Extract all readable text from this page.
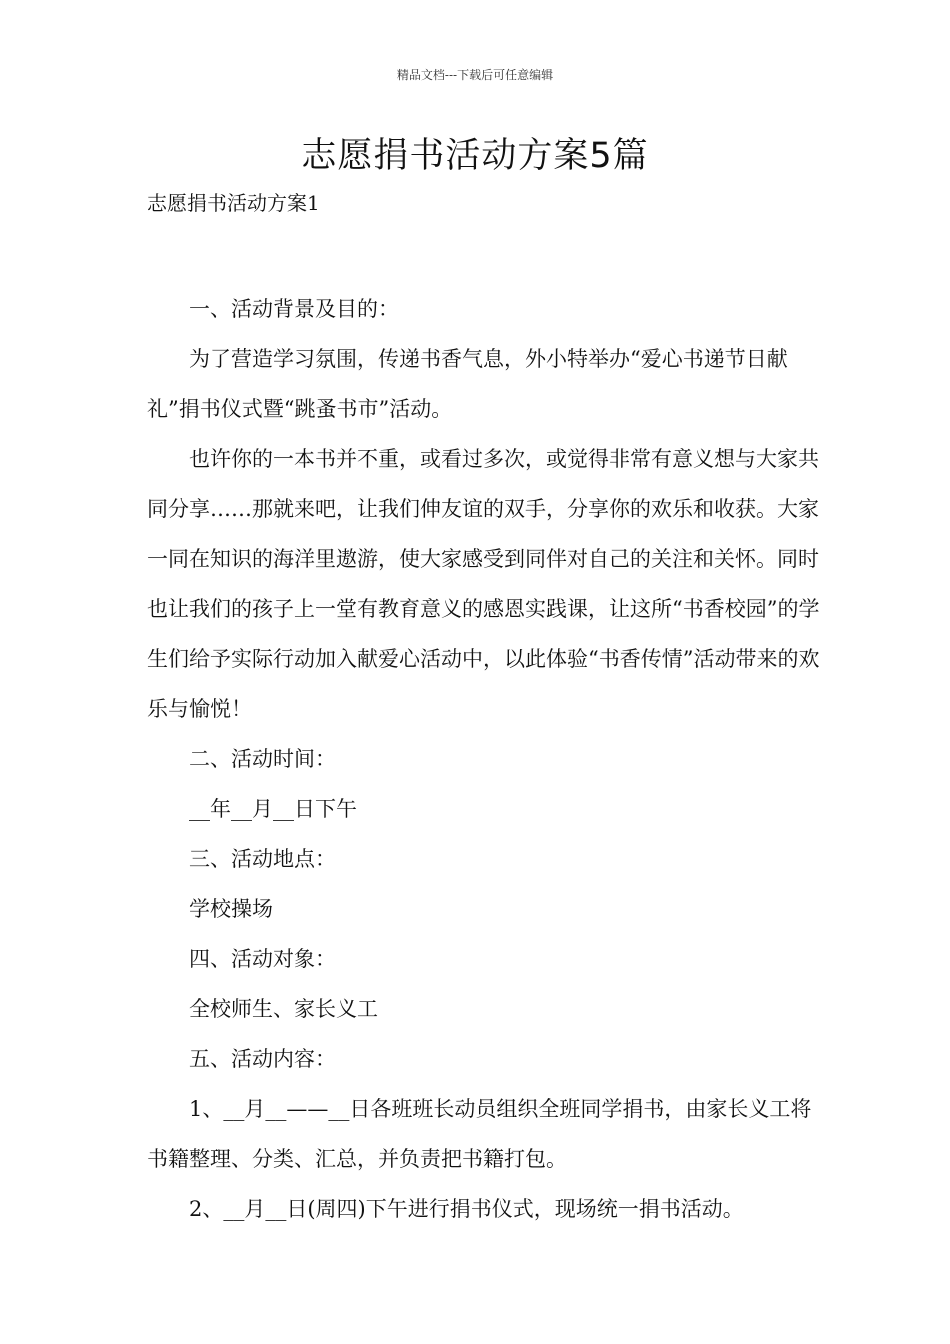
精品文档---下载后可任意编辑
志愿捐书活动方案5篇
志愿捐书活动方案1

一、活动背景及目的：

为了营造学习氛围，传递书香气息，外小特举办“爱心书递节日献礼”捐书仪式暨“跳蚤书市”活动。

也许你的一本书并不重，或看过多次，或觉得非常有意义想与大家共同分享……那就来吧，让我们伸友谊的双手，分享你的欢乐和收获。大家一同在知识的海洋里遨游，使大家感受到同伴对自己的关注和关怀。同时也让我们的孩子上一堂有教育意义的感恩实践课，让这所“书香校园”的学生们给予实际行动加入献爱心活动中，以此体验“书香传情”活动带来的欢乐与愉悦！

二、活动时间：

__年__月__日下午

三、活动地点：

学校操场

四、活动对象：

全校师生、家长义工

五、活动内容：

1、__月__——__日各班班长动员组织全班同学捐书，由家长义工将书籍整理、分类、汇总，并负责把书籍打包。

2、__月__日(周四)下午进行捐书仪式，现场统一捐书活动。
